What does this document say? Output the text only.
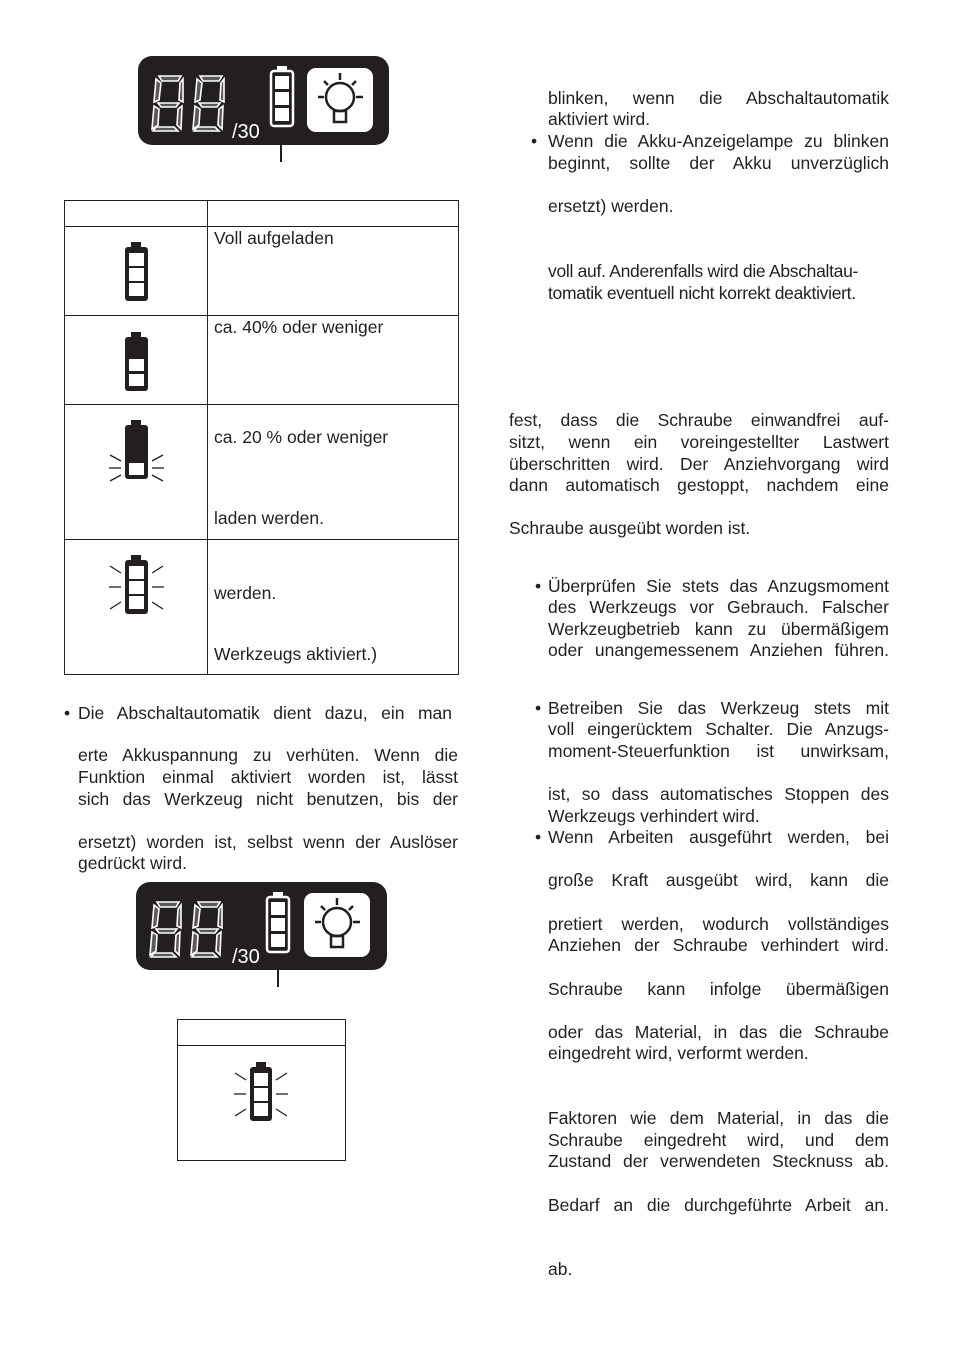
/30

Voll aufgeladen

ca. 40% oder weniger

ca. 20 % oder weniger
laden werden.

werden.
Werkzeugs aktiviert.)
• Die Abschaltautomatik dient dazu, ein man
erte Akkuspannung zu verhüten. Wenn die
Funktion einmal aktiviert worden ist, lässt
sich das Werkzeug nicht benutzen, bis der
ersetzt) worden ist, selbst wenn der Auslöser
gedrückt wird.
/30
blinken, wenn die Abschaltautomatik
aktiviert wird.
• Wenn die Akku-Anzeigelampe zu blinken
beginnt, sollte der Akku unverzüglich
ersetzt) werden.
voll auf. Anderenfalls wird die Abschaltau-
tomatik eventuell nicht korrekt deaktiviert.
fest, dass die Schraube einwandfrei auf-
sitzt, wenn ein voreingestellter Lastwert
überschritten wird. Der Anziehvorgang wird
dann automatisch gestoppt, nachdem eine
Schraube ausgeübt worden ist.
• Überprüfen Sie stets das Anzugsmoment
des Werkzeugs vor Gebrauch. Falscher
Werkzeugbetrieb kann zu übermäßigem
oder unangemessenem Anziehen führen.
• Betreiben Sie das Werkzeug stets mit
voll eingerücktem Schalter. Die Anzugs-
moment-Steuerfunktion ist unwirksam,
ist, so dass automatisches Stoppen des
Werkzeugs verhindert wird.
• Wenn Arbeiten ausgeführt werden, bei
große Kraft ausgeübt wird, kann die
pretiert werden, wodurch vollständiges
Anziehen der Schraube verhindert wird.
Schraube kann infolge übermäßigen
oder das Material, in das die Schraube
eingedreht wird, verformt werden.
Faktoren wie dem Material, in das die
Schraube eingedreht wird, und dem
Zustand der verwendeten Stecknuss ab.
Bedarf an die durchgeführte Arbeit an.
ab.
